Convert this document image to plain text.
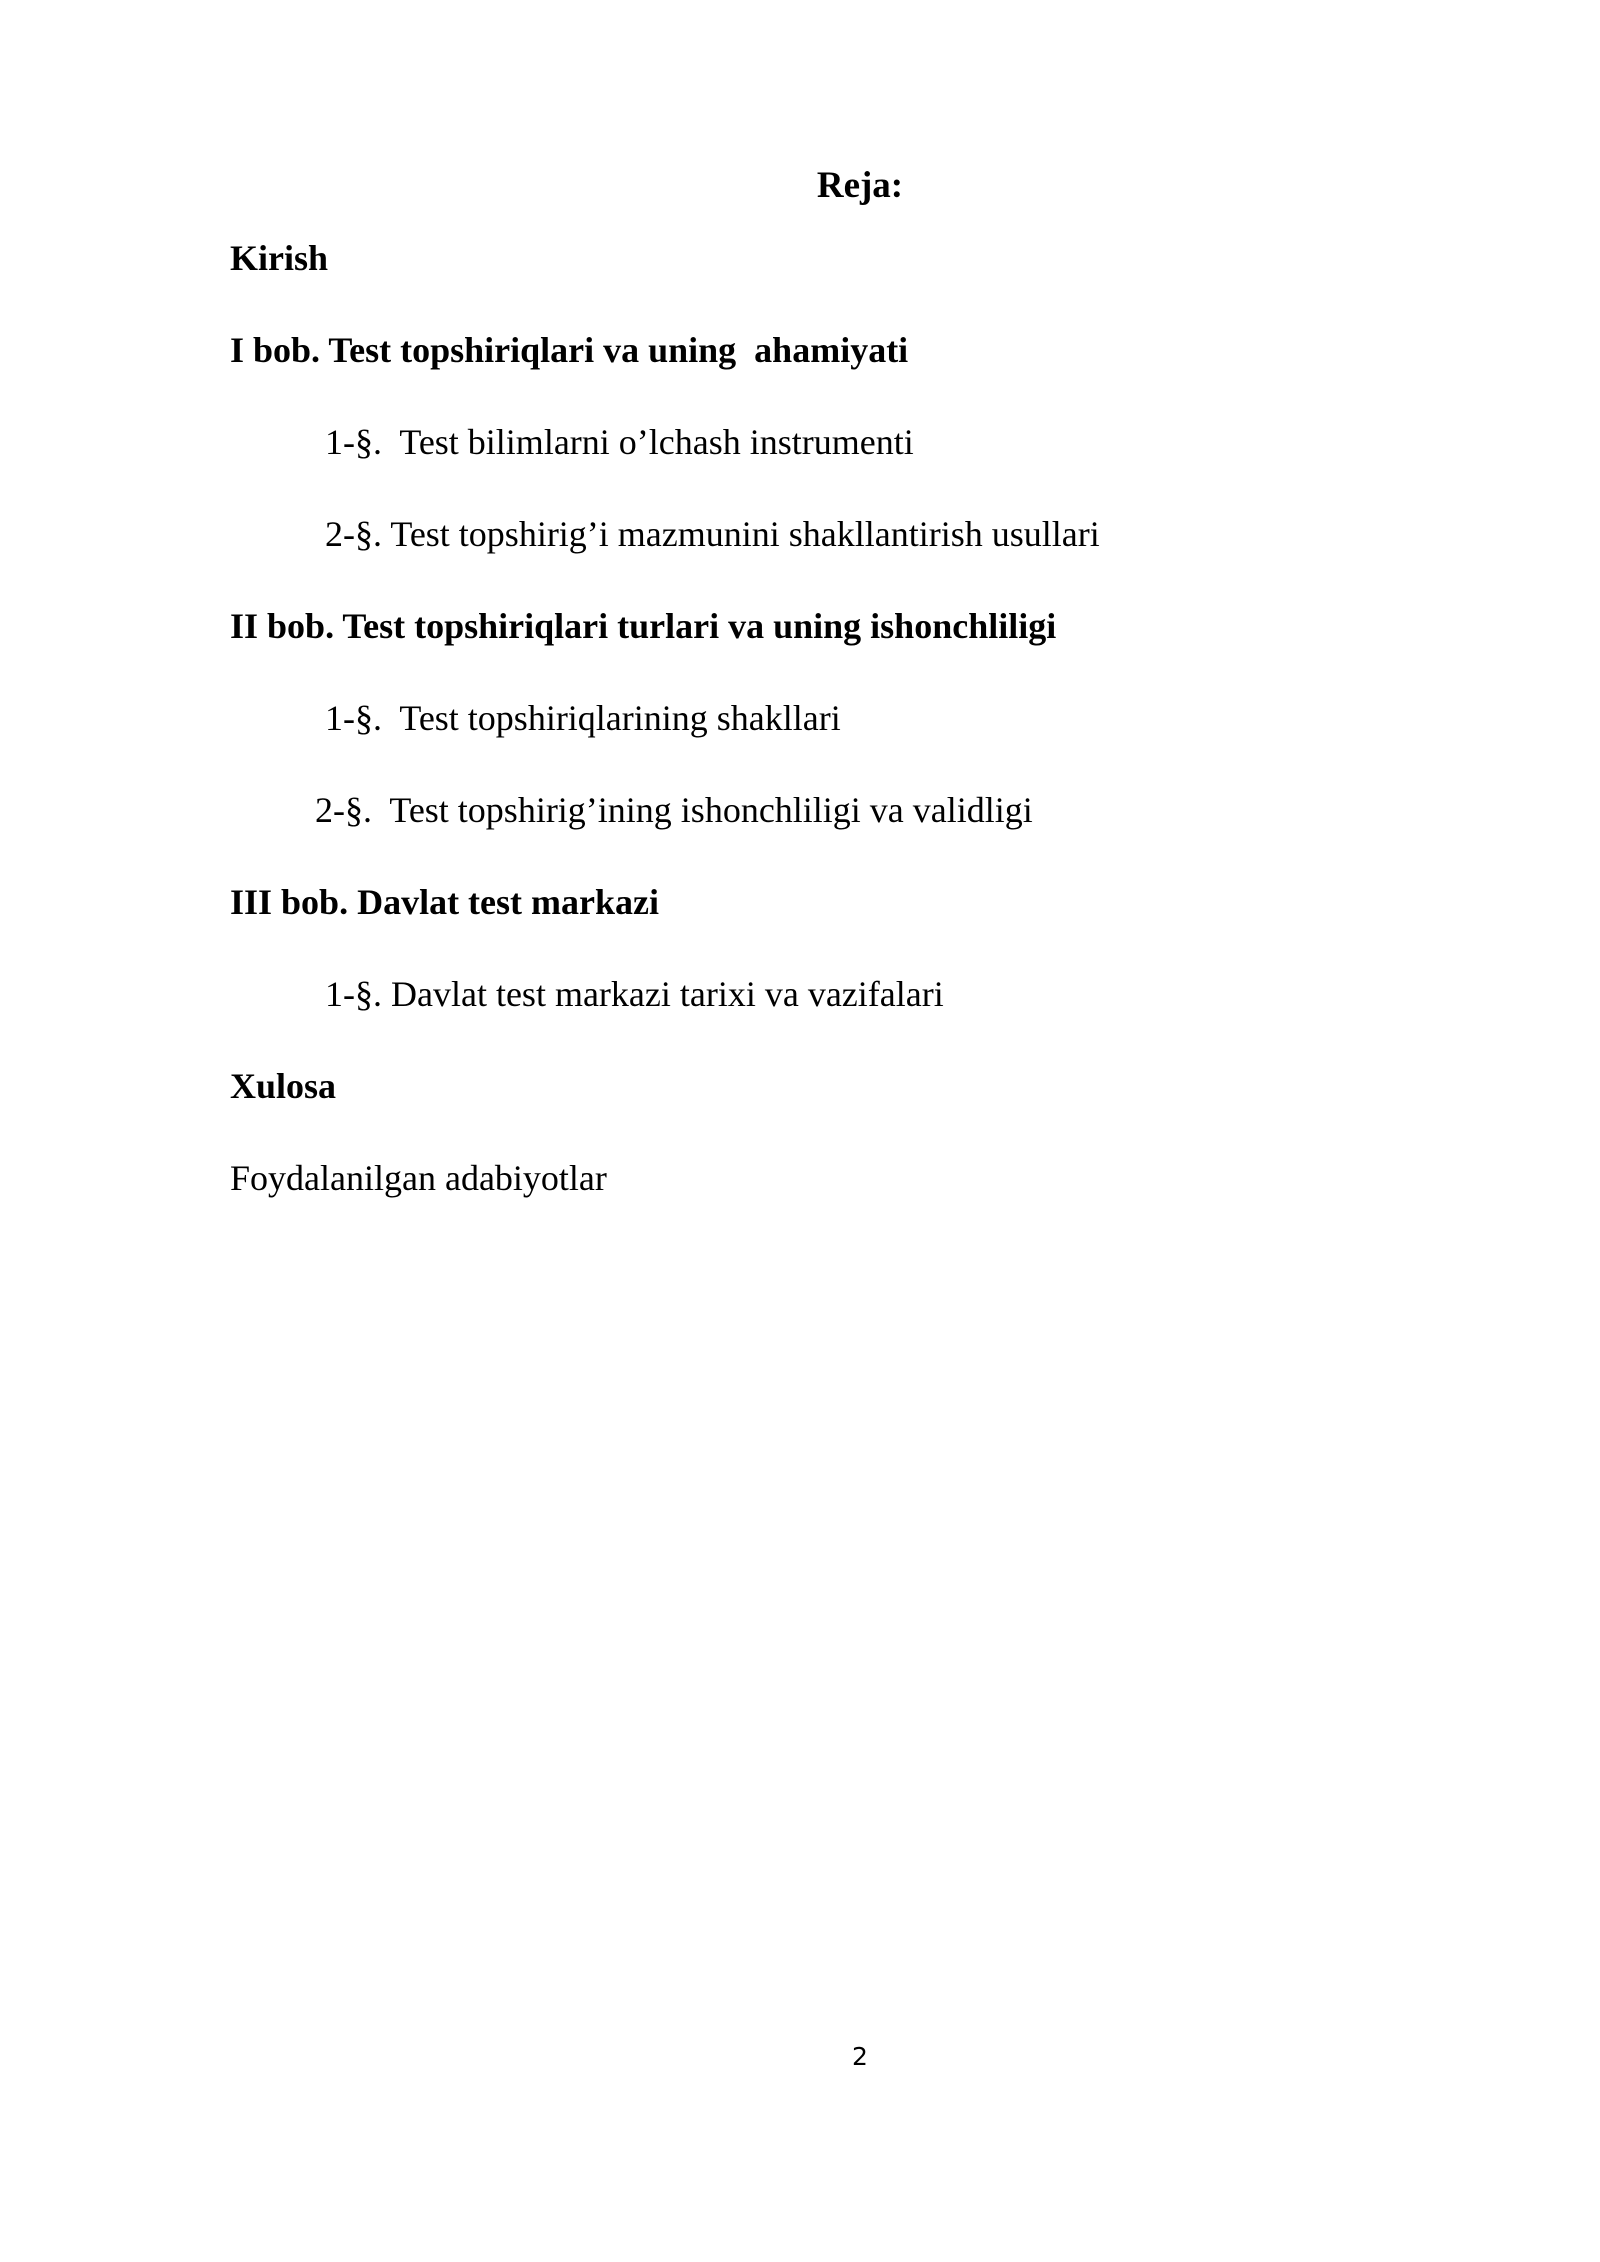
Reja:
Kirish
I bob. Test topshiriqlari va uning  ahamiyati
1-§.  Test bilimlarni o’lchash instrumenti
2-§. Test topshirig’i mazmunini shakllantirish usullari
II bob. Test topshiriqlari turlari va uning ishonchliligi
1-§.  Test topshiriqlarining shakllari
2-§.  Test topshirig’ining ishonchliligi va validligi
III bob. Davlat test markazi
1-§. Davlat test markazi tarixi va vazifalari
Xulosa
Foydalanilgan adabiyotlar
2
